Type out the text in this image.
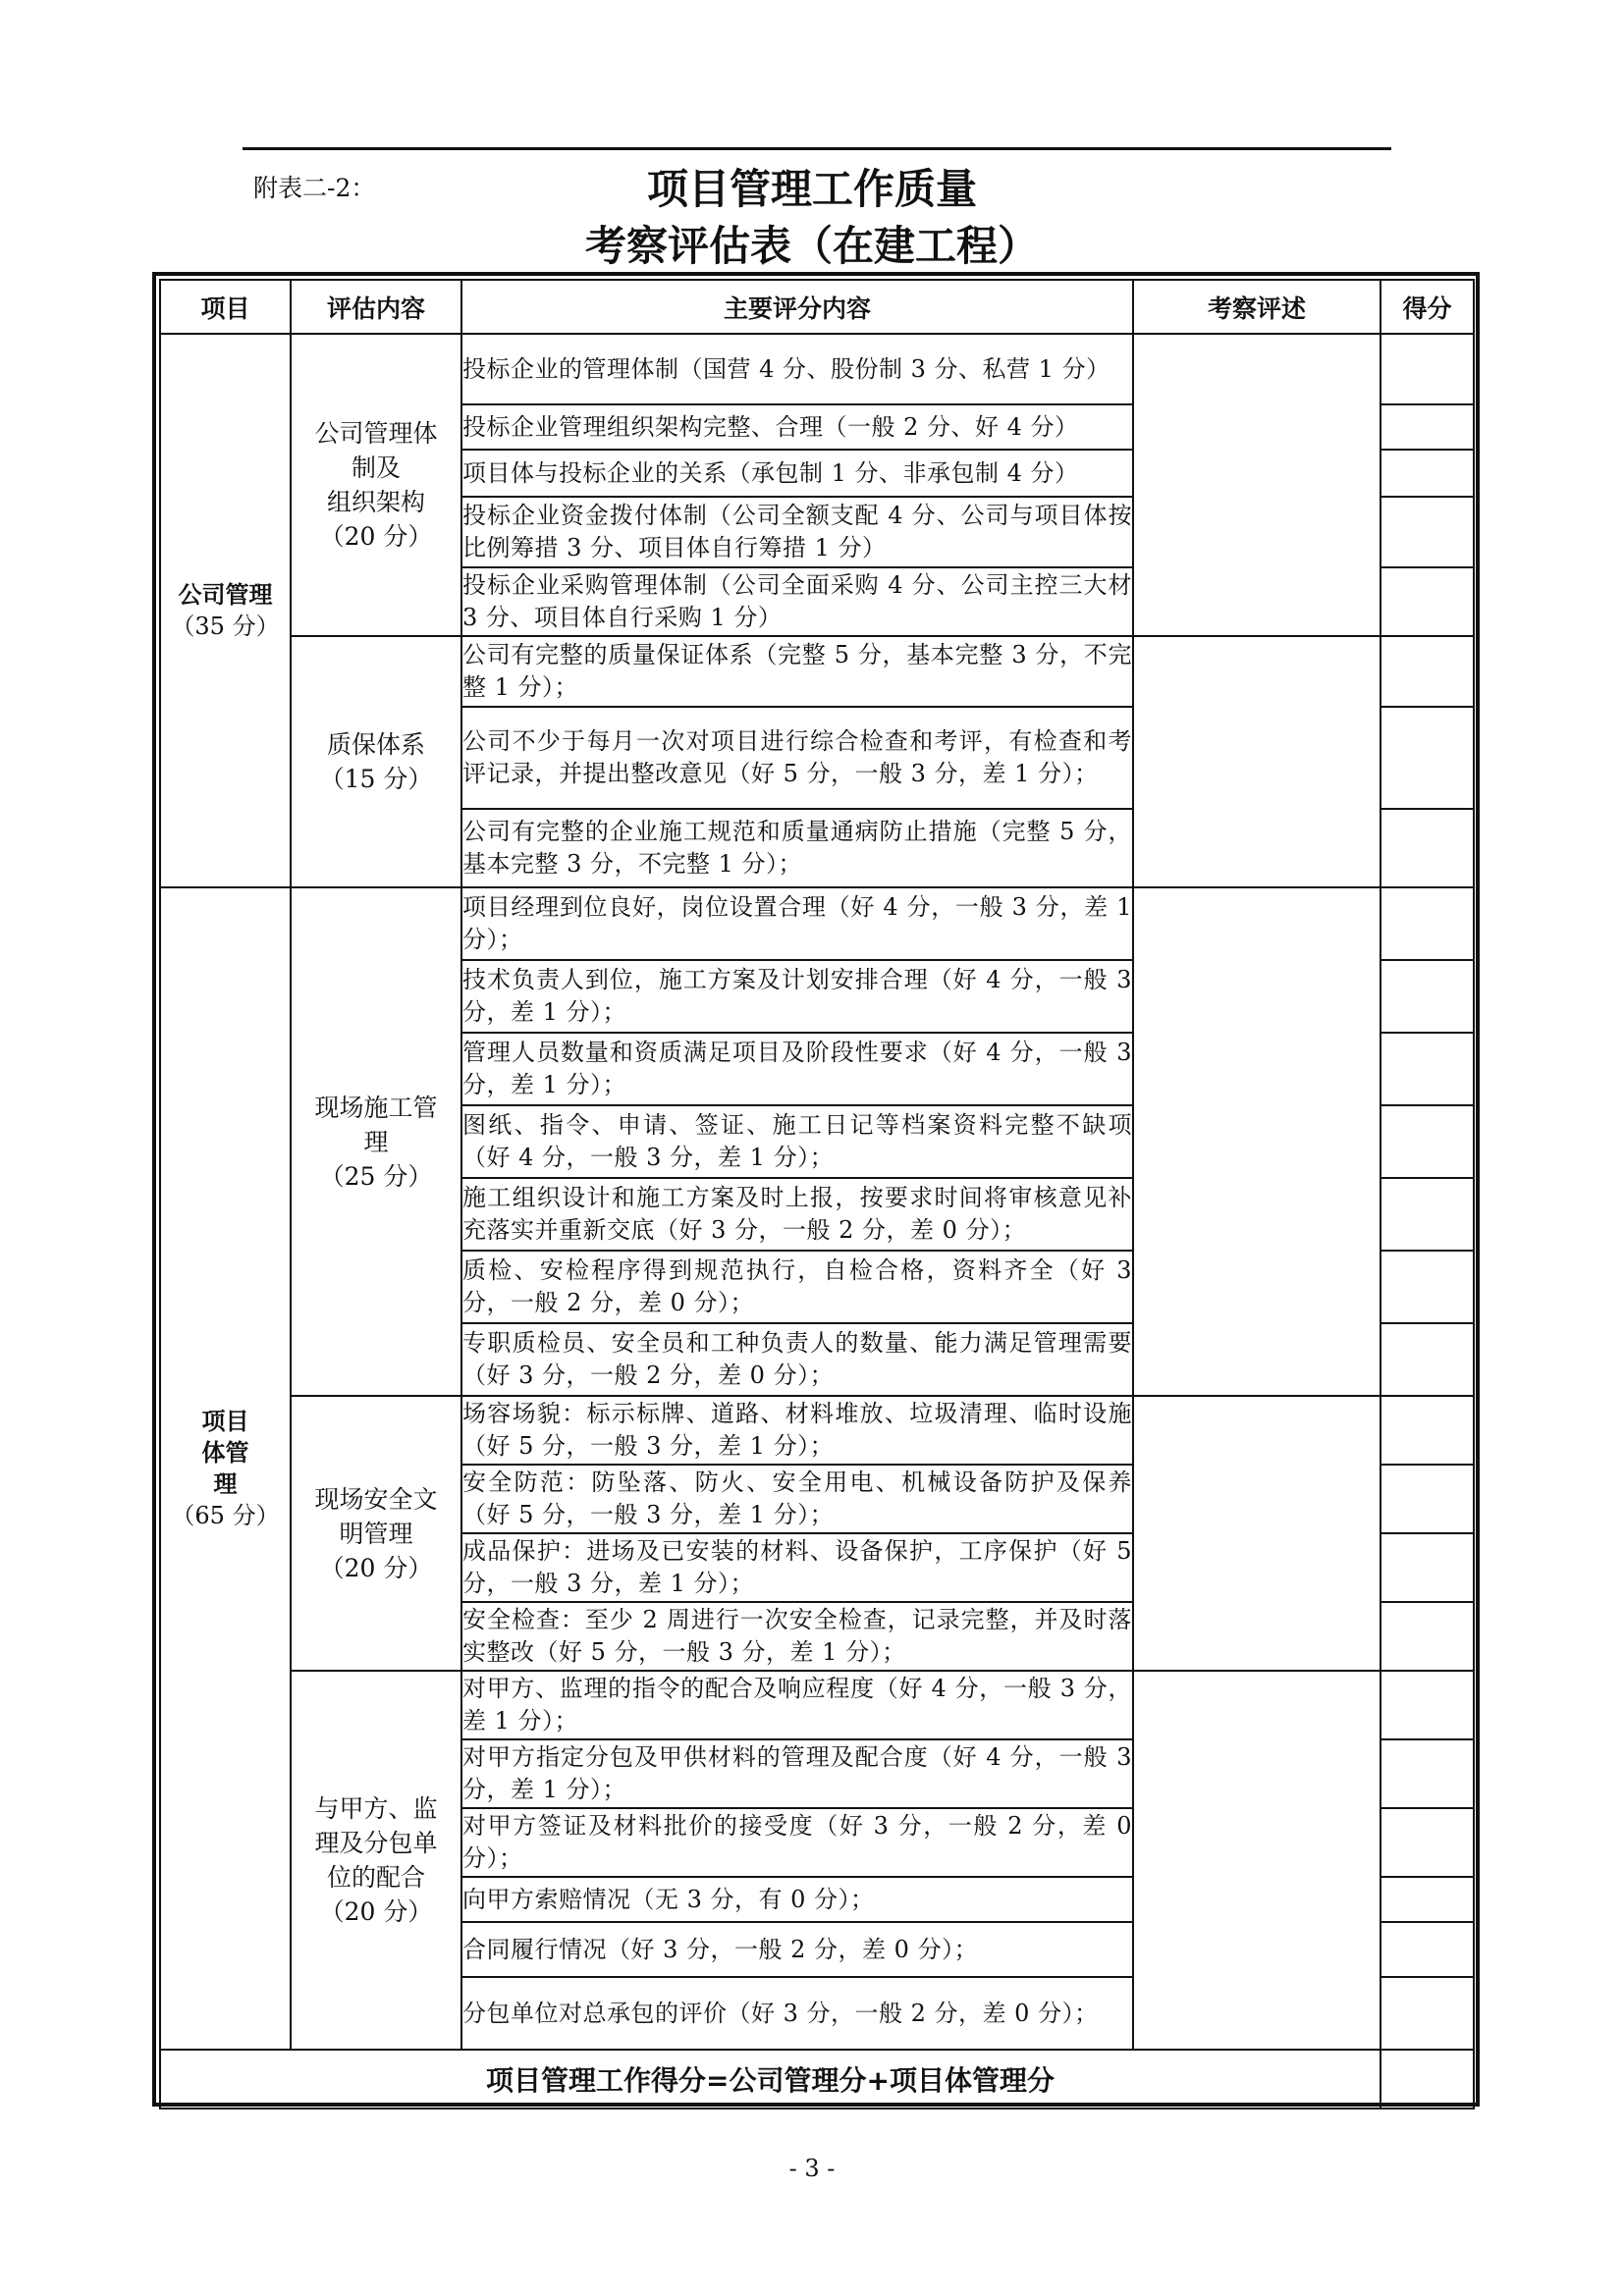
附表二-2：	项目管理工作质量
考察评估表（在建工程）
项目	评估内容	主要评分内容	考察评述	得分

公司管理
（35 分）	公司管理体
制及
组织架构
（20 分）	投标企业的管理体制（国营 4 分、股份制 3 分、私营 1 分）		
		投标企业管理组织架构完整、合理（一般 2 分、好 4 分）		
		项目体与投标企业的关系（承包制 1 分、非承包制 4 分）		
		投标企业资金拨付体制（公司全额支配 4 分、公司与项目体按比例筹措 3 分、项目体自行筹措 1 分）		
		投标企业采购管理体制（公司全面采购 4 分、公司主控三大材 3 分、项目体自行采购 1 分）		

	质保体系
（15 分）	公司有完整的质量保证体系（完整 5 分，基本完整 3 分，不完整 1 分）；		
		公司不少于每月一次对项目进行综合检查和考评，有检查和考评记录，并提出整改意见（好 5 分，一般 3 分，差 1 分）；		
		公司有完整的企业施工规范和质量通病防止措施（完整 5 分，基本完整 3 分，不完整 1 分）；		

项目体管理
（65 分）	现场施工管
理
（25 分）	项目经理到位良好，岗位设置合理（好 4 分，一般 3 分，差 1 分）；		
		技术负责人到位，施工方案及计划安排合理（好 4 分，一般 3 分，差 1 分）；		
		管理人员数量和资质满足项目及阶段性要求（好 4 分，一般 3 分，差 1 分）；		
		图纸、指令、申请、签证、施工日记等档案资料完整不缺项（好 4 分，一般 3 分，差 1 分）；		
		施工组织设计和施工方案及时上报，按要求时间将审核意见补充落实并重新交底（好 3 分，一般 2 分，差 0 分）；		
		质检、安检程序得到规范执行，自检合格，资料齐全（好 3 分，一般 2 分，差 0 分）；		
		专职质检员、安全员和工种负责人的数量、能力满足管理需要（好 3 分，一般 2 分，差 0 分）；		

	现场安全文
明管理
（20 分）	场容场貌：标示标牌、道路、材料堆放、垃圾清理、临时设施（好 5 分，一般 3 分，差 1 分）；		
		安全防范：防坠落、防火、安全用电、机械设备防护及保养（好 5 分，一般 3 分，差 1 分）；		
		成品保护：进场及已安装的材料、设备保护，工序保护（好 5 分，一般 3 分，差 1 分）；		
		安全检查：至少 2 周进行一次安全检查，记录完整，并及时落实整改（好 5 分，一般 3 分，差 1 分）；		

	与甲方、监
理及分包单
位的配合
（20 分）	对甲方、监理的指令的配合及响应程度（好 4 分，一般 3 分，差 1 分）；		
		对甲方指定分包及甲供材料的管理及配合度（好 4 分，一般 3 分，差 1 分）；		
		对甲方签证及材料批价的接受度（好 3 分，一般 2 分，差 0 分）；		
		向甲方索赔情况（无 3 分，有 0 分）；		
		合同履行情况（好 3 分，一般 2 分，差 0 分）；		
		分包单位对总承包的评价（好 3 分，一般 2 分，差 0 分）；		
项目管理工作得分=公司管理分+项目体管理分				
- 3 -
